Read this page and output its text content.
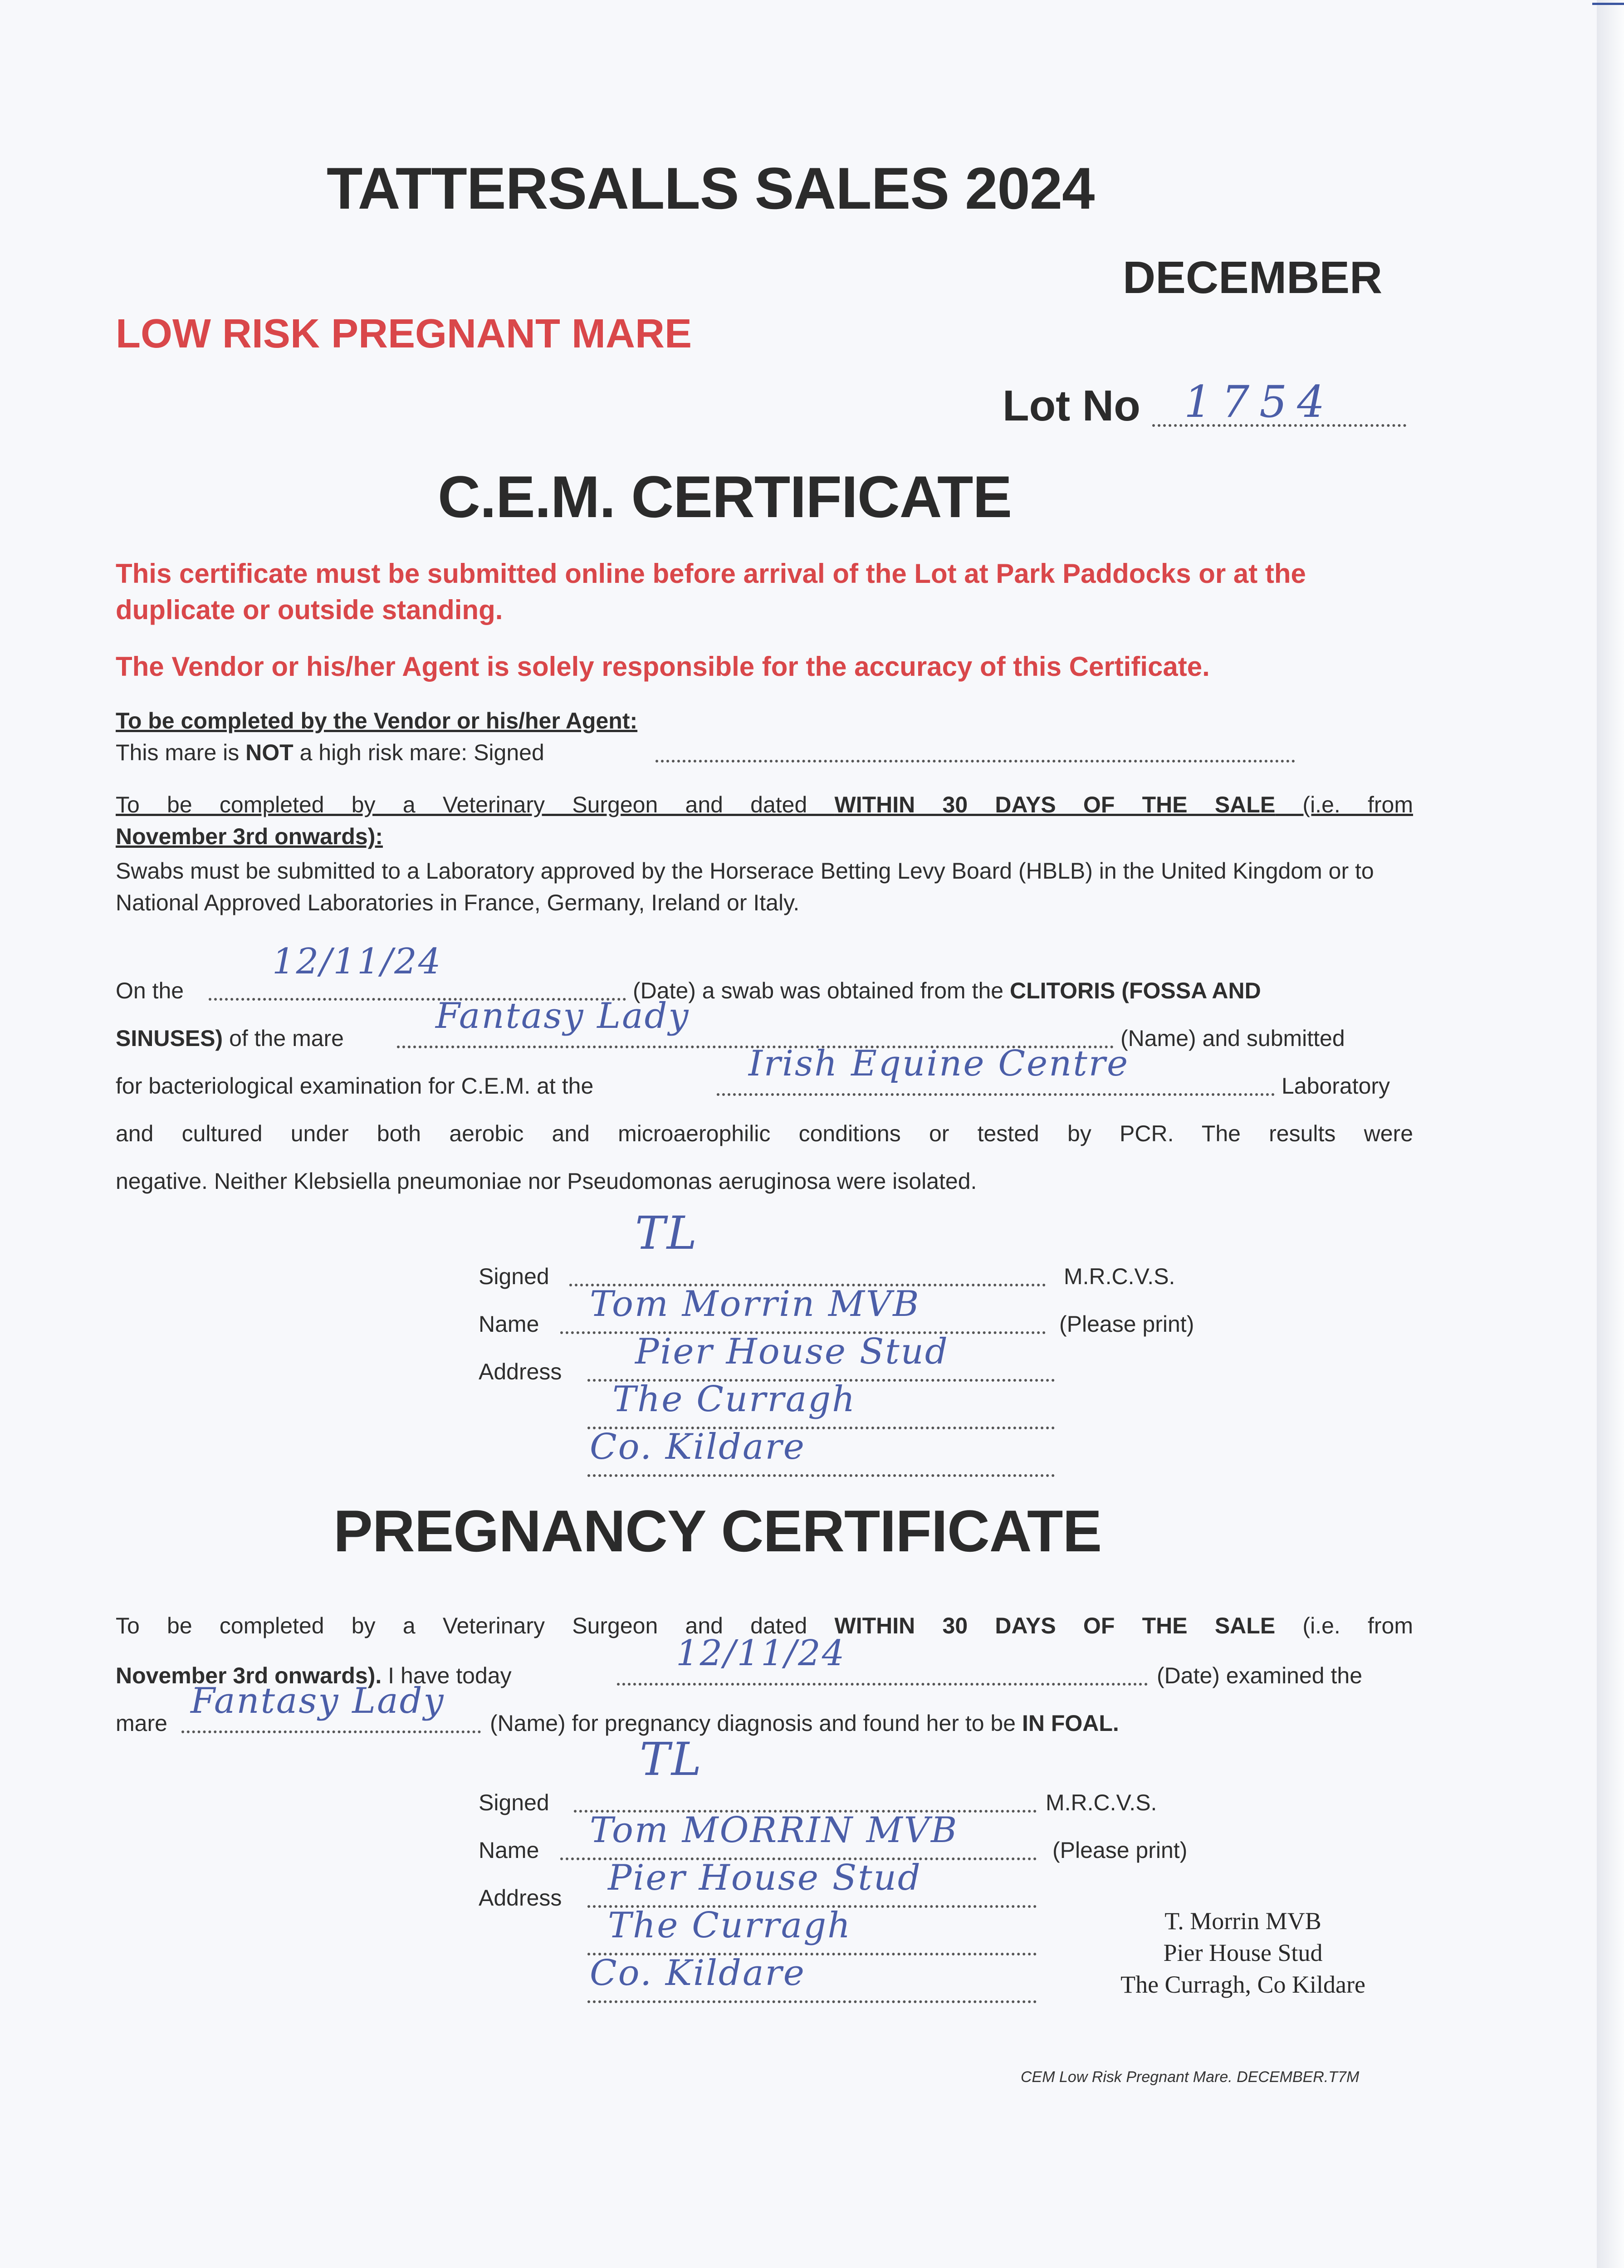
TATTERSALLS SALES 2024
DECEMBER
LOW RISK PREGNANT MARE
Lot No 1754
C.E.M. CERTIFICATE
This certificate must be submitted online before arrival of the Lot at Park Paddocks or at the duplicate or outside standing.
The Vendor or his/her Agent is solely responsible for the accuracy of this Certificate.
To be completed by the Vendor or his/her Agent:
This mare is NOT a high risk mare: Signed
To be completed by a Veterinary Surgeon and dated WITHIN 30 DAYS OF THE SALE (i.e. from
November 3rd onwards):
Swabs must be submitted to a Laboratory approved by the Horserace Betting Levy Board (HBLB) in the United Kingdom or to National Approved Laboratories in France, Germany, Ireland or Italy.
On the
12/11/24
(Date) a swab was obtained from the CLITORIS (FOSSA AND
SINUSES) of the mare
Fantasy Lady
(Name) and submitted
for bacteriological examination for C.E.M. at the
Irish Equine Centre
Laboratory
and cultured under both aerobic and microaerophilic conditions or tested by PCR. The results were
negative. Neither Klebsiella pneumoniae nor Pseudomonas aeruginosa were isolated.
Signed
TL
M.R.C.V.S.
Name Tom Morrin MVB	(Please print)
Address Pier House Stud
The Curragh
Co. Kildare
PREGNANCY CERTIFICATE
To be completed by a Veterinary Surgeon and dated WITHIN 30 DAYS OF THE SALE (i.e. from
November 3rd onwards). I have today
12/11/24
(Date) examined the
mare
Fantasy Lady
(Name) for pregnancy diagnosis and found her to be IN FOAL.
Signed
TL
M.R.C.V.S.
Name Tom MORRIN MVB	(Please print)
Address Pier House Stud
The Curragh
Co. Kildare
T. Morrin MVB
Pier House Stud
The Curragh, Co Kildare
CEM Low Risk Pregnant Mare. DECEMBER.T7M
